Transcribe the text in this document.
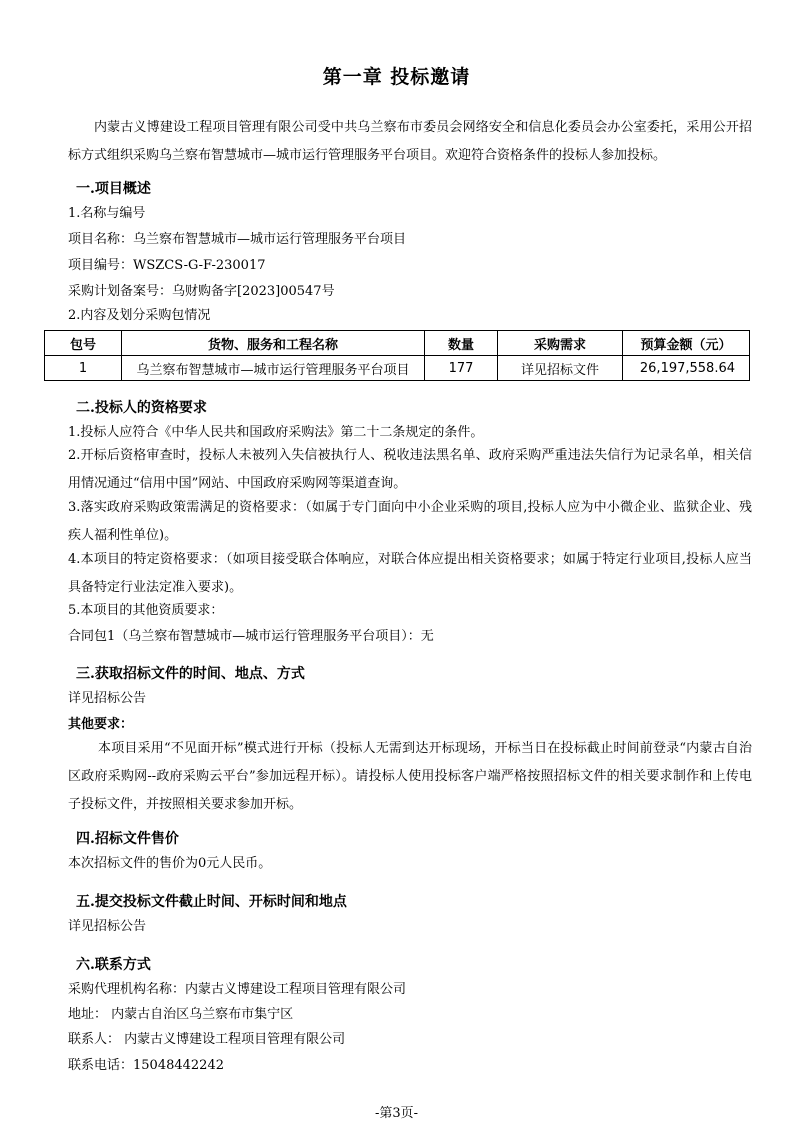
第一章 投标邀请
内蒙古义博建设工程项目管理有限公司受中共乌兰察布市委员会网络安全和信息化委员会办公室委托，采用公开招标方式组织采购乌兰察布智慧城市—城市运行管理服务平台项目。欢迎符合资格条件的投标人参加投标。
一.项目概述
1.名称与编号
项目名称：乌兰察布智慧城市—城市运行管理服务平台项目
项目编号：WSZCS-G-F-230017
采购计划备案号：乌财购备字[2023]00547号
2.内容及划分采购包情况
包号	货物、服务和工程名称	数量	采购需求	预算金额（元）
1	乌兰察布智慧城市—城市运行管理服务平台项目	177	详见招标文件	26,197,558.64
二.投标人的资格要求
1.投标人应符合《中华人民共和国政府采购法》第二十二条规定的条件。
2.开标后资格审查时，投标人未被列入失信被执行人、税收违法黑名单、政府采购严重违法失信行为记录名单，相关信用情况通过“信用中国”网站、中国政府采购网等渠道查询。
3.落实政府采购政策需满足的资格要求：（如属于专门面向中小企业采购的项目,投标人应为中小微企业、监狱企业、残疾人福利性单位)。
4.本项目的特定资格要求：（如项目接受联合体响应，对联合体应提出相关资格要求；如属于特定行业项目,投标人应当具备特定行业法定准入要求)。
5.本项目的其他资质要求：
合同包1（乌兰察布智慧城市—城市运行管理服务平台项目）：无
三.获取招标文件的时间、地点、方式
详见招标公告
其他要求：
本项目采用“不见面开标”模式进行开标（投标人无需到达开标现场，开标当日在投标截止时间前登录“内蒙古自治区政府采购网--政府采购云平台”参加远程开标）。请投标人使用投标客户端严格按照招标文件的相关要求制作和上传电子投标文件，并按照相关要求参加开标。
四.招标文件售价
本次招标文件的售价为0元人民币。
五.提交投标文件截止时间、开标时间和地点
详见招标公告
六.联系方式
采购代理机构名称：内蒙古义博建设工程项目管理有限公司
地址： 内蒙古自治区乌兰察布市集宁区
联系人： 内蒙古义博建设工程项目管理有限公司
联系电话：15048442242
-第3页-
